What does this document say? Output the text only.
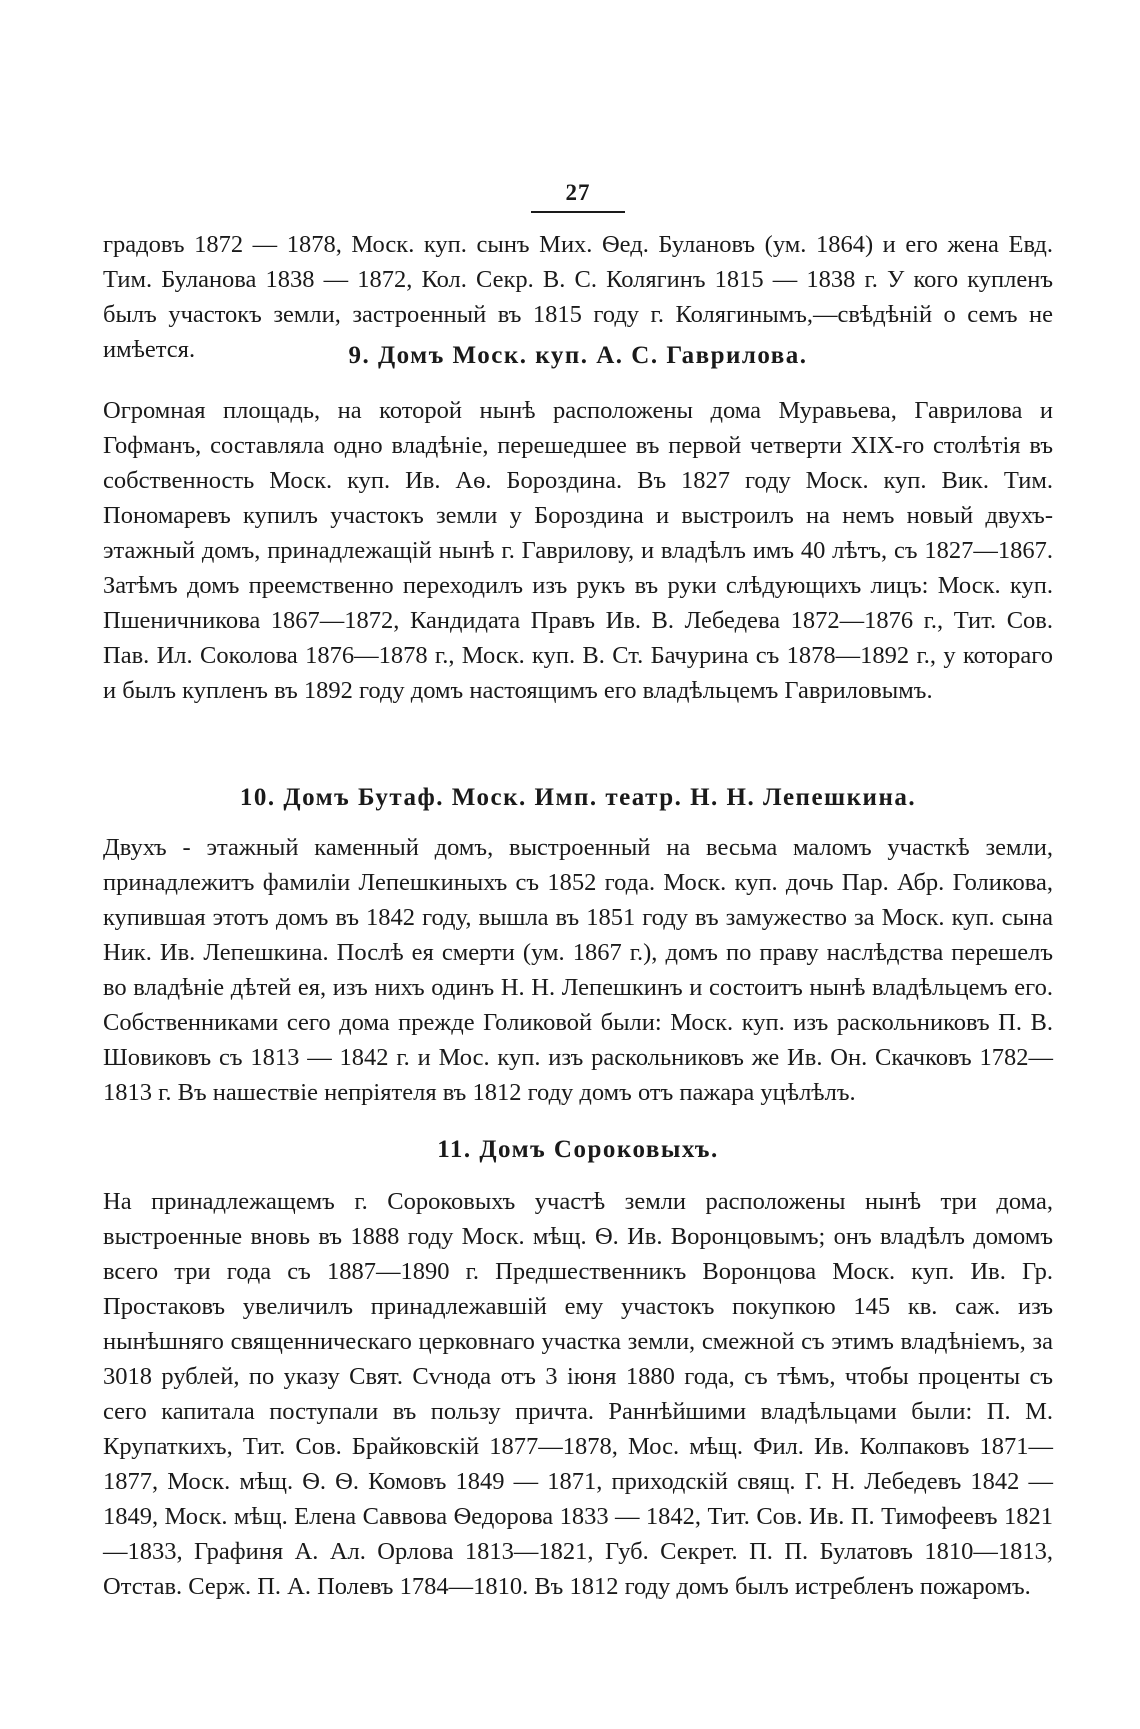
27

градовъ 1872 — 1878, Моск. куп. сынъ Мих. Ѳед. Булановъ (ум. 1864) и его жена Евд. Тим. Буланова 1838 — 1872, Кол. Секр. В. С. Колягинъ 1815 — 1838 г. У кого купленъ былъ участокъ земли, застроенный въ 1815 году г. Колягинымъ,—свѣдѣній о семъ не имѣется.	9. Домъ Моск. куп. А. С. Гаврилова.

Огромная площадь, на которой нынѣ расположены дома Муравьева, Гаврилова и Гофманъ, составляла одно владѣніе, перешедшее въ первой четверти XIX-го столѣтія въ собственность Моск. куп. Ив. Аѳ. Бороздина. Въ 1827 году Моск. куп. Вик. Тим. Пономаревъ купилъ участокъ земли у Бороздина и выстроилъ на немъ новый двухъ-этажный домъ, принадлежащій нынѣ г. Гаврилову, и владѣлъ имъ 40 лѣтъ, съ 1827—1867. Затѣмъ домъ преемственно переходилъ изъ рукъ въ руки слѣдующихъ лицъ: Моск. куп. Пшеничникова 1867—1872, Кандидата Правъ Ив. В. Лебедева 1872—1876 г., Тит. Сов. Пав. Ил. Соколова 1876—1878 г., Моск. куп. В. Ст. Бачурина съ 1878—1892 г., у котораго и былъ купленъ въ 1892 году домъ настоящимъ его владѣльцемъ Гавриловымъ.

10. Домъ Бутаф. Моск. Имп. театр. Н. Н. Лепешкина.

Двухъ - этажный каменный домъ, выстроенный на весьма маломъ участкѣ земли, принадлежитъ фамиліи Лепешкиныхъ съ 1852 года. Моск. куп. дочь Пар. Абр. Голикова, купившая этотъ домъ въ 1842 году, вышла въ 1851 году въ замужество за Моск. куп. сына Ник. Ив. Лепешкина. Послѣ ея смерти (ум. 1867 г.), домъ по праву наслѣдства перешелъ во владѣніе дѣтей ея, изъ нихъ одинъ Н. Н. Лепешкинъ и состоитъ нынѣ владѣльцемъ его. Собственниками сего дома прежде Голиковой были: Моск. куп. изъ раскольниковъ П. В. Шовиковъ съ 1813 — 1842 г. и Мос. куп. изъ раскольниковъ же Ив. Он. Скачковъ 1782—1813 г. Въ нашествіе непріятеля въ 1812 году домъ отъ пажара уцѣлѣлъ.

11. Домъ Сороковыхъ.

На принадлежащемъ г. Сороковыхъ участѣ земли расположены нынѣ три дома, выстроенные вновь въ 1888 году Моск. мѣщ. Ѳ. Ив. Воронцовымъ; онъ владѣлъ домомъ всего три года съ 1887—1890 г. Предшественникъ Воронцова Моск. куп. Ив. Гр. Простаковъ увеличилъ принадлежавшій ему участокъ покупкою 145 кв. саж. изъ нынѣшняго священническаго церковнаго участка земли, смежной съ этимъ владѣніемъ, за 3018 рублей, по указу Свят. Сѵнода отъ 3 іюня 1880 года, съ тѣмъ, чтобы проценты съ сего капитала поступали въ пользу причта. Раннѣйшими владѣльцами были: П. М. Крупаткихъ, Тит. Сов. Брайковскій 1877—1878, Мос. мѣщ. Фил. Ив. Колпаковъ 1871—1877, Моск. мѣщ. Ѳ. Ѳ. Комовъ 1849 — 1871, приходскій свящ. Г. Н. Лебедевъ 1842 — 1849, Моск. мѣщ. Елена Саввова Ѳедорова 1833 — 1842, Тит. Сов. Ив. П. Тимофеевъ 1821—1833, Графиня А. Ал. Орлова 1813—1821, Губ. Секрет. П. П. Булатовъ 1810—1813, Отстав. Серж. П. А. Полевъ 1784—1810. Въ 1812 году домъ былъ истребленъ пожаромъ.
